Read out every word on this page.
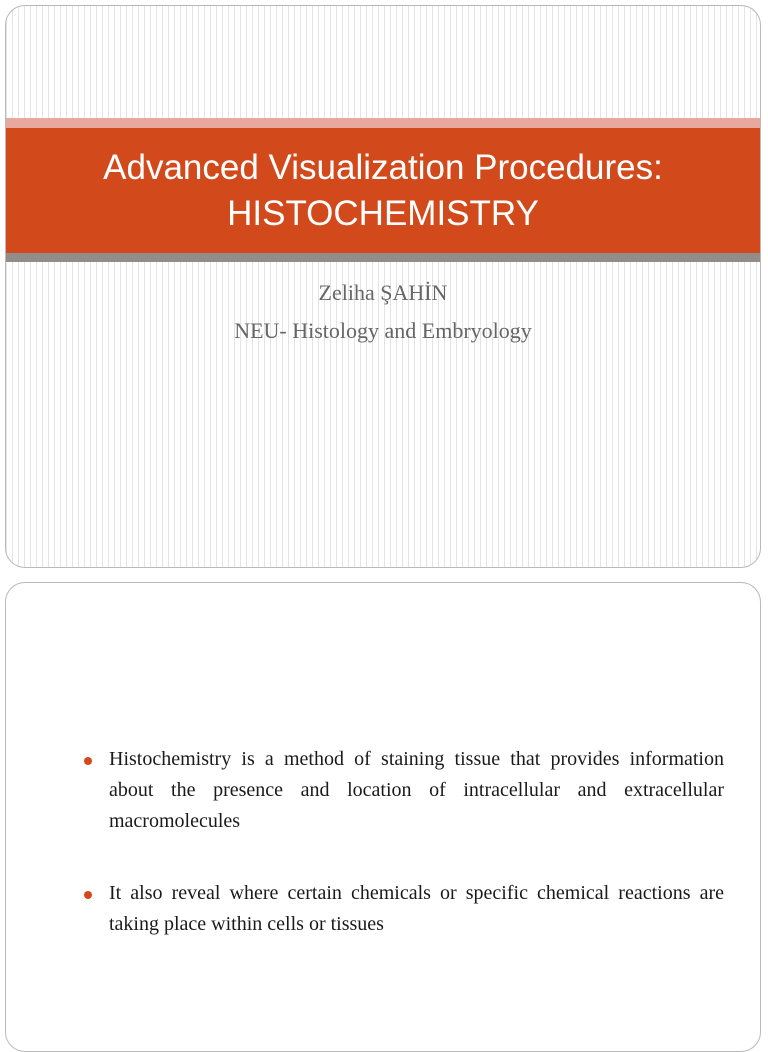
Advanced Visualization Procedures:
HISTOCHEMISTRY
Zeliha ŞAHİN
NEU- Histology and Embryology
Histochemistry is a method of staining tissue that provides information about the presence and location of intracellular and extracellular macromolecules
It also reveal where certain chemicals or specific chemical reactions are taking place within cells or tissues
